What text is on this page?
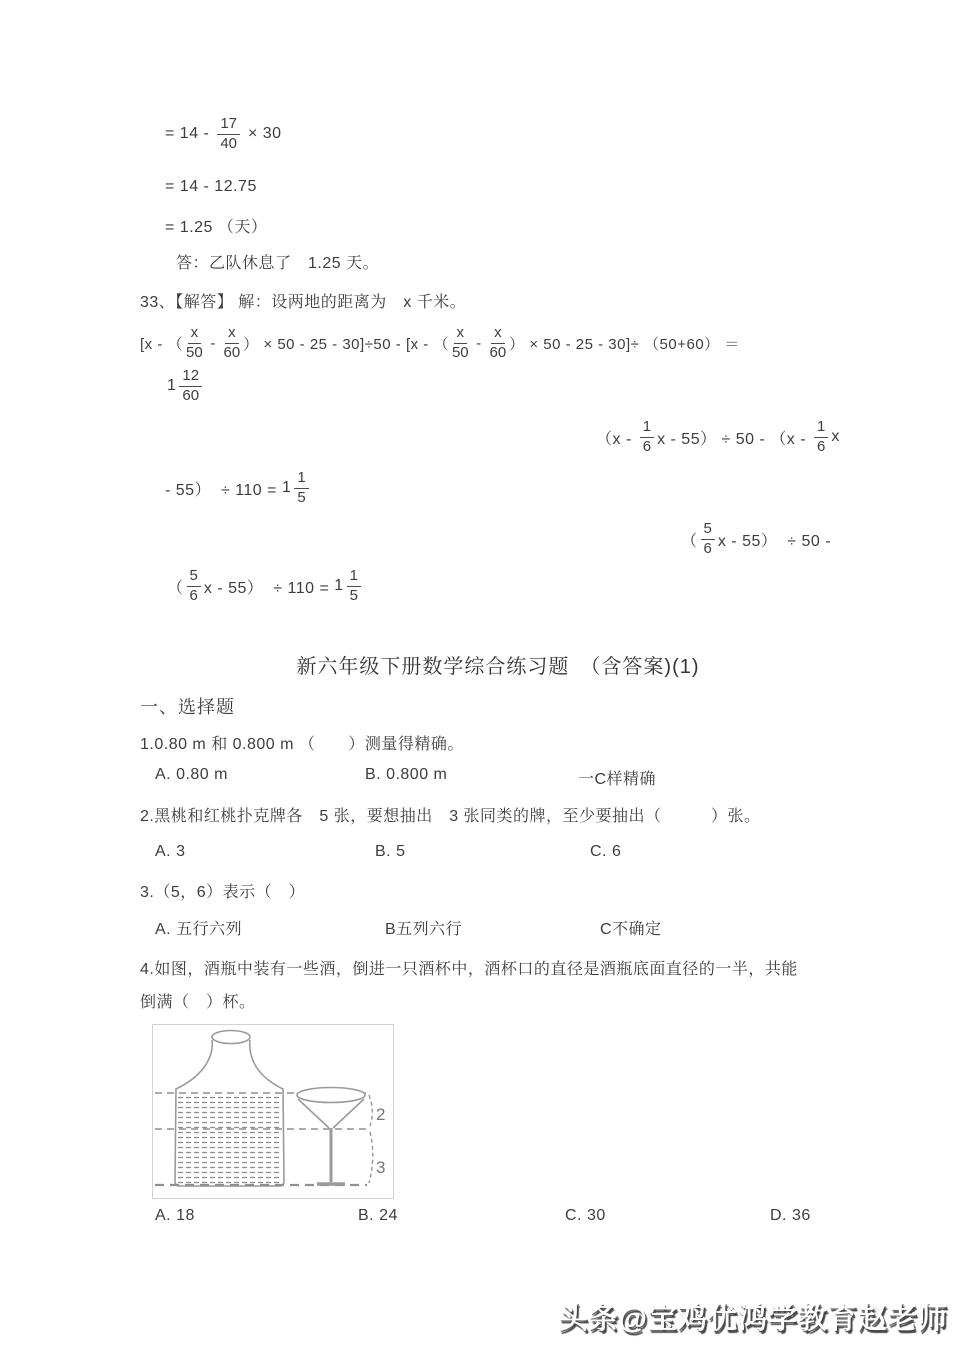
= $14 - \frac{17}{40} \times 30$
= 14 - 12.75
= 1.25 （天）
答：乙队休息了　1.25 天。
33、【解答】 解：设两地的距离为　x 千米。
[x - （ $\frac{x}{50} - \frac{x}{60}$ ） × 50 - 25 - 30]÷50 - [x - （ $\frac{x}{50} - \frac{x}{60}$ ） × 50 - 25 - 30]÷ （50+60） ＝
$1 \frac{12}{60}$
（$x - \frac{1}{6}$ $x - 55) \div 50 - (x - \frac{1}{6}$ x
- $55) \div 110 = 1 \frac{1}{5}$
（ $\frac{5}{6}$ x - 55）  ÷ 50 -
（ $\frac{5}{6}$ $x - 55) \div 110 = 1 \frac{1}{5}$
新六年级下册数学综合练习题　（含答案)(1)
一、选择题
1.0.80 m 和 0.800 m （　　）测量得精确。
A. 0.80 m	B. 0.800 m	一C样精确
2.黑桃和红桃扑克牌各　5 张，要想抽出　3 张同类的牌，至少要抽出（　　　）张。
A. 3	B. 5	C. 6
3.（5，6）表示（　）
A. 五行六列	B五列六行	C不确定
4.如图，酒瓶中装有一些酒，倒进一只酒杯中，酒杯口的直径是酒瓶底面直径的一半，共能
倒满（　）杯。
2
3
A. 18	B. 24	C. 30	D. 36
头条@宝鸡优鸿学教育赵老师
